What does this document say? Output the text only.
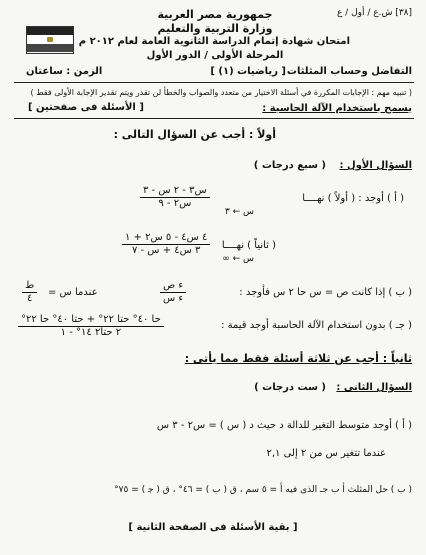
[٣٨] ش.ع / أول / ع
جمهورية مصر العربية
وزارة التربية والتعليم
امتحان شهادة إتمام الدراسة الثانوية العامة لعام ٢٠١٢ م
المرحلة الأولى / الدور الأول
التفاضل وحساب المثلثات
[ رياضيات (١) ]
الزمن : ساعتان
( تنبيه مهم : الإجابات المكررة في أسئلة الاختيار من متعدد والصواب والخطأ لن تقدر ويتم تقدير الإجابة الأولى فقط )
يسمح باستخدام الآلة الحاسبة :
[ الأسئلة فى صفحتين ]
أولاً : أجب عن السؤال التالى :
السؤال الأول :
( سبع درجات )
( أ ) أوجد : ( أولاً ) نهــــا
س ← ٣
س٣ - ٢ س - ٣
س٢ - ٩
( ثانياً ) نهــــا
س ← ∞
٤ س٤ - ٥ س٢ + ١
٣ س٤ + س - ٧
( ب ) إذا كانت ص = س حا ٢ س فأوجد :
ء ص
ء س
عندما س =
ط
٤
( جـ ) بدون استخدام الآلة الحاسبة أوجد قيمة :
حا ٤٠° حتا ٢٢° + حتا ٤٠° حا ٢٢°
٢ حتا٢ ١٤° - ١
ثانياً : أجب عن ثلاثة أسئلة فقط مما يأتى :
السؤال الثانى :
( ست درجات )
( أ ) أوجد متوسط التغير للدالة د حيث د ( س ) = س٢ - ٣ س
عندما تتغير س من ٢ إلى ٢,١
( ب ) حل المثلث ﺃ ب جـ الذى فيه ﺃ = ٥ سم ، ق ( ﺏ ) = ٤٦° ، ق ( ﺟ ) = ٧٥°
[ بقية الأسئلة فى الصفحة الثانية ]
